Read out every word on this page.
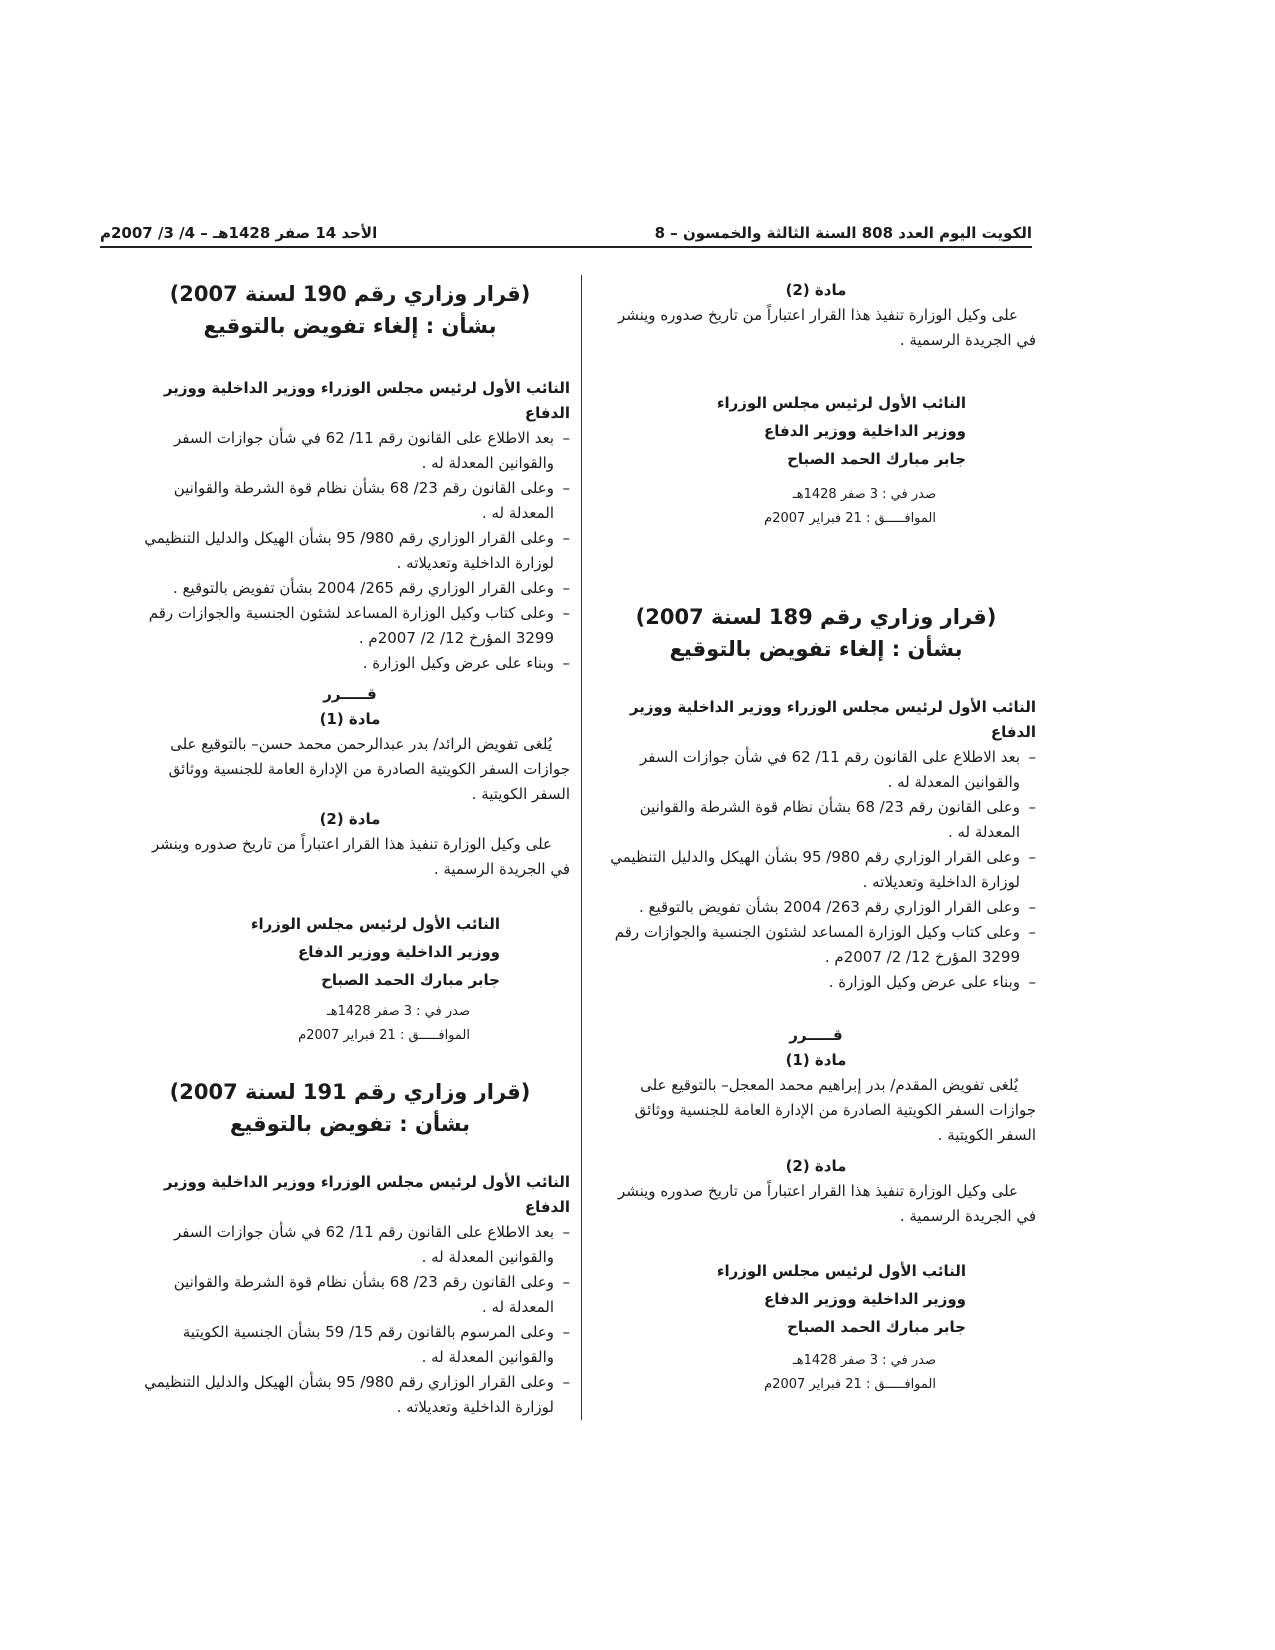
الكويت اليوم العدد 808 السنة الثالثة والخمسون – 8
الأحد 14 صفر 1428هـ – 4/ 3/ 2007م

مادة (2)

على وكيل الوزارة تنفيذ هذا القرار اعتباراً من تاريخ صدوره وينشر في الجريدة الرسمية .

النائب الأول لرئيس مجلس الوزراء

ووزير الداخلية ووزير الدفاع

جابر مبارك الحمد الصباح

صدر في : 3 صفر 1428هـ

الموافـــــق : 21 فبراير 2007م

(قرار وزاري رقم 189 لسنة 2007)

بشأن : إلغاء تفويض بالتوقيع

النائب الأول لرئيس مجلس الوزراء ووزير الداخلية ووزير الدفاع

– بعد الاطلاع على القانون رقم 11/ 62 في شأن جوازات السفر والقوانين المعدلة له .
– وعلى القانون رقم 23/ 68 بشأن نظام قوة الشرطة والقوانين المعدلة له .
– وعلى القرار الوزاري رقم 980/ 95 بشأن الهيكل والدليل التنظيمي لوزارة الداخلية وتعديلاته .
– وعلى القرار الوزاري رقم 263/ 2004 بشأن تفويض بالتوقيع .
– وعلى كتاب وكيل الوزارة المساعد لشئون الجنسية والجوازات رقم 3299 المؤرخ 12/ 2/ 2007م .
– وبناء على عرض وكيل الوزارة .

قـــــرر

مادة (1)

يُلغى تفويض المقدم/ بدر إبراهيم محمد المعجل– بالتوقيع على جوازات السفر الكويتية الصادرة من الإدارة العامة للجنسية ووثائق السفر الكويتية .

مادة (2)

على وكيل الوزارة تنفيذ هذا القرار اعتباراً من تاريخ صدوره وينشر في الجريدة الرسمية .

النائب الأول لرئيس مجلس الوزراء

ووزير الداخلية ووزير الدفاع

جابر مبارك الحمد الصباح

صدر في : 3 صفر 1428هـ

الموافـــــق : 21 فبراير 2007م

(قرار وزاري رقم 190 لسنة 2007)

بشأن : إلغاء تفويض بالتوقيع

النائب الأول لرئيس مجلس الوزراء ووزير الداخلية ووزير الدفاع

– بعد الاطلاع على القانون رقم 11/ 62 في شأن جوازات السفر والقوانين المعدلة له .
– وعلى القانون رقم 23/ 68 بشأن نظام قوة الشرطة والقوانين المعدلة له .
– وعلى القرار الوزاري رقم 980/ 95 بشأن الهيكل والدليل التنظيمي لوزارة الداخلية وتعديلاته .
– وعلى القرار الوزاري رقم 265/ 2004 بشأن تفويض بالتوقيع .
– وعلى كتاب وكيل الوزارة المساعد لشئون الجنسية والجوازات رقم 3299 المؤرخ 12/ 2/ 2007م .
– وبناء على عرض وكيل الوزارة .

قـــــرر

مادة (1)

يُلغى تفويض الرائد/ بدر عبدالرحمن محمد حسن– بالتوقيع على جوازات السفر الكويتية الصادرة من الإدارة العامة للجنسية ووثائق السفر الكويتية .

مادة (2)

على وكيل الوزارة تنفيذ هذا القرار اعتباراً من تاريخ صدوره وينشر في الجريدة الرسمية .

النائب الأول لرئيس مجلس الوزراء

ووزير الداخلية ووزير الدفاع

جابر مبارك الحمد الصباح

صدر في : 3 صفر 1428هـ

الموافـــــق : 21 فبراير 2007م

(قرار وزاري رقم 191 لسنة 2007)

بشأن : تفويض بالتوقيع

النائب الأول لرئيس مجلس الوزراء ووزير الداخلية ووزير الدفاع

– بعد الاطلاع على القانون رقم 11/ 62 في شأن جوازات السفر والقوانين المعدلة له .
– وعلى القانون رقم 23/ 68 بشأن نظام قوة الشرطة والقوانين المعدلة له .
– وعلى المرسوم بالقانون رقم 15/ 59 بشأن الجنسية الكويتية والقوانين المعدلة له .
– وعلى القرار الوزاري رقم 980/ 95 بشأن الهيكل والدليل التنظيمي لوزارة الداخلية وتعديلاته .
